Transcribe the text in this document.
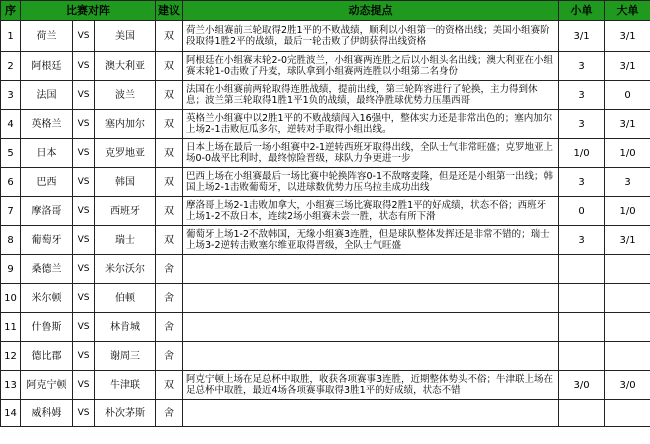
序	比赛对阵			建议	动态提点	小单	大单
1	荷兰	VS	美国	双	荷兰小组赛前三轮取得2胜1平的不败战绩，顺利以小组第一的资格出线；美国小组赛阶段取得1胜2平的战绩，最后一轮击败了伊朗获得出线资格	3/1	3/1
2	阿根廷	VS	澳大利亚	双	阿根廷在小组赛末轮2-0完胜波兰，小组赛两连胜之后以小组头名出线；澳大利亚在小组赛末轮1-0击败了丹麦，球队拿到小组赛两连胜以小组第二名身份	3	3/1
3	法国	VS	波兰	双	法国在小组赛前两轮取得连胜战绩，提前出线，第三轮阵容进行了轮换，主力得到休息；波兰第三轮取得1胜1平1负的战绩，最终净胜球优势力压墨西哥	3	0
4	英格兰	VS	塞内加尔	双	英格兰小组赛中以2胜1平的不败战绩闯入16强中，整体实力还是非常出色的；塞内加尔上场2-1击败厄瓜多尔，逆转对手取得小组出线。	3	3/1
5	日本	VS	克罗地亚	双	日本上场在最后一场小组赛中2-1逆转西班牙取得出线，全队士气非常旺盛；克罗地亚上场0-0战平比利时，最终惊险晋级，球队力争更进一步	1/0	1/0
6	巴西	VS	韩国	双	巴西上场在小组赛最后一场比赛中轮换阵容0-1不敌喀麦隆，但是还是小组第一出线；韩国上场2-1击败葡萄牙，以进球数优势力压乌拉圭成功出线	3	3
7	摩洛哥	VS	西班牙	双	摩洛哥上场2-1击败加拿大，小组赛三场比赛取得2胜1平的好成绩，状态不俗；西班牙上场1-2不敌日本，连续2场小组赛未尝一胜，状态有所下滑	0	1/0
8	葡萄牙	VS	瑞士	双	葡萄牙上场1-2不敌韩国，无缘小组赛3连胜，但是球队整体发挥还是非常不错的；瑞士上场3-2逆转击败塞尔维亚取得晋级，全队士气旺盛	3	3/1
9	桑德兰	VS	米尔沃尔	舍			
10	米尔顿	VS	伯顿	舍			
11	什鲁斯	VS	林肯城	舍			
12	德比郡	VS	谢周三	舍			
13	阿克宁顿	VS	牛津联	双	阿克宁顿上场在足总杯中取胜，收获各项赛事3连胜，近期整体势头不俗；牛津联上场在足总杯中取胜，最近4场各项赛事取得3胜1平的好成绩，状态不错	3/0	3/0
14	威科姆	VS	朴次茅斯	舍			
